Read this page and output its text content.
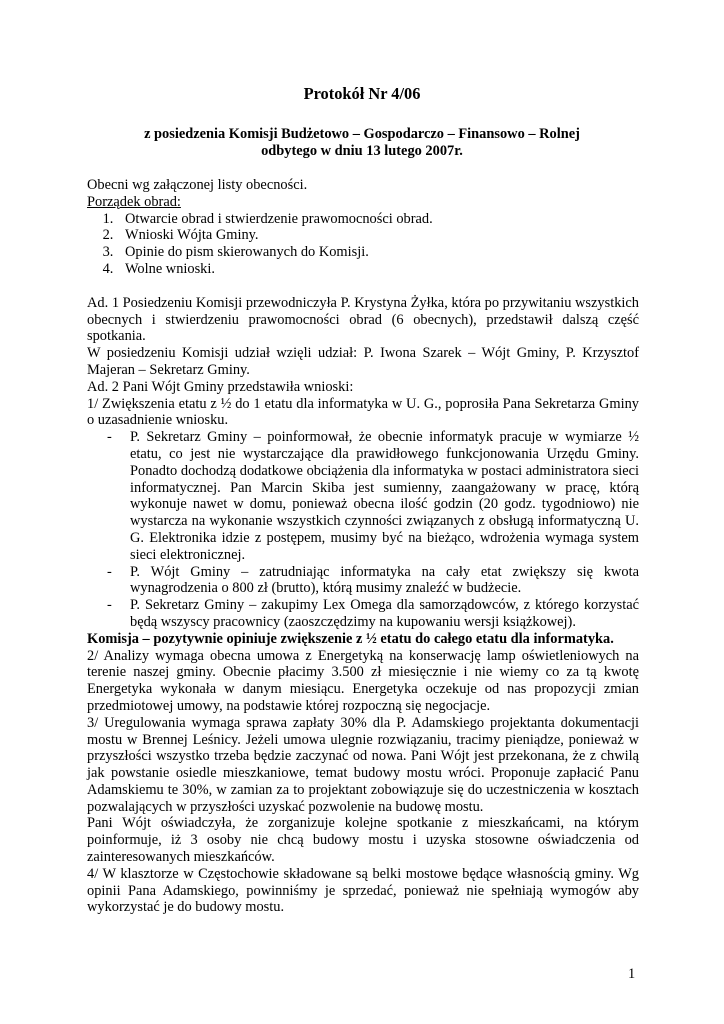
Protokół Nr 4/06
z posiedzenia Komisji Budżetowo – Gospodarczo – Finansowo – Rolnej
odbytego w dniu 13 lutego 2007r.

Obecni wg załączonej listy obecności.

Porządek obrad:

1. Otwarcie obrad i stwierdzenie prawomocności obrad.
2. Wnioski Wójta Gminy.
3. Opinie do pism skierowanych do Komisji.
4. Wolne wnioski.

Ad. 1 Posiedzeniu Komisji przewodniczyła P. Krystyna Żyłka, która po przywitaniu wszystkich obecnych i stwierdzeniu prawomocności obrad (6 obecnych), przedstawił dalszą część spotkania.

W posiedzeniu Komisji udział wzięli udział: P. Iwona Szarek – Wójt Gminy, P. Krzysztof Majeran – Sekretarz Gminy.

Ad. 2 Pani Wójt Gminy przedstawiła wnioski:

1/ Zwiększenia etatu z ½ do 1 etatu dla informatyka w U. G., poprosiła Pana Sekretarza Gminy o uzasadnienie wniosku.

- P. Sekretarz Gminy – poinformował, że obecnie informatyk pracuje w wymiarze ½ etatu, co jest nie wystarczające dla prawidłowego funkcjonowania Urzędu Gminy. Ponadto dochodzą dodatkowe obciążenia dla informatyka w postaci administratora sieci informatycznej. Pan Marcin Skiba jest sumienny, zaangażowany w pracę, którą wykonuje nawet w domu, ponieważ obecna ilość godzin (20 godz. tygodniowo) nie wystarcza na wykonanie wszystkich czynności związanych z obsługą informatyczną U. G. Elektronika idzie z postępem, musimy być na bieżąco, wdrożenia wymaga system sieci elektronicznej.
- P. Wójt Gminy – zatrudniając informatyka na cały etat zwiększy się kwota wynagrodzenia o 800 zł (brutto), którą musimy znaleźć w budżecie.
- P. Sekretarz Gminy – zakupimy Lex Omega dla samorządowców, z którego korzystać będą wszyscy pracownicy (zaoszczędzimy na kupowaniu wersji książkowej).

Komisja – pozytywnie opiniuje zwiększenie z ½ etatu do całego etatu dla informatyka.

2/ Analizy wymaga obecna umowa z Energetyką na konserwację lamp oświetleniowych na terenie naszej gminy. Obecnie płacimy 3.500 zł miesięcznie i nie wiemy co za tą kwotę Energetyka wykonała w danym miesiącu. Energetyka oczekuje od nas propozycji zmian przedmiotowej umowy, na podstawie której rozpoczną się negocjacje.

3/ Uregulowania wymaga sprawa zapłaty 30% dla P. Adamskiego projektanta dokumentacji mostu w Brennej Leśnicy. Jeżeli umowa ulegnie rozwiązaniu, tracimy pieniądze, ponieważ w przyszłości wszystko trzeba będzie zaczynać od nowa. Pani Wójt jest przekonana, że z chwilą jak powstanie osiedle mieszkaniowe, temat budowy mostu wróci. Proponuje zapłacić Panu Adamskiemu te 30%, w zamian za to projektant zobowiązuje się do uczestniczenia w kosztach pozwalających w przyszłości uzyskać pozwolenie na budowę mostu.

Pani Wójt oświadczyła, że zorganizuje kolejne spotkanie z mieszkańcami, na którym poinformuje, iż 3 osoby nie chcą budowy mostu i uzyska stosowne oświadczenia od zainteresowanych mieszkańców.

4/ W klasztorze w Częstochowie składowane są belki mostowe będące własnością gminy. Wg opinii Pana Adamskiego, powinniśmy je sprzedać, ponieważ nie spełniają wymogów aby wykorzystać je do budowy mostu.

1
